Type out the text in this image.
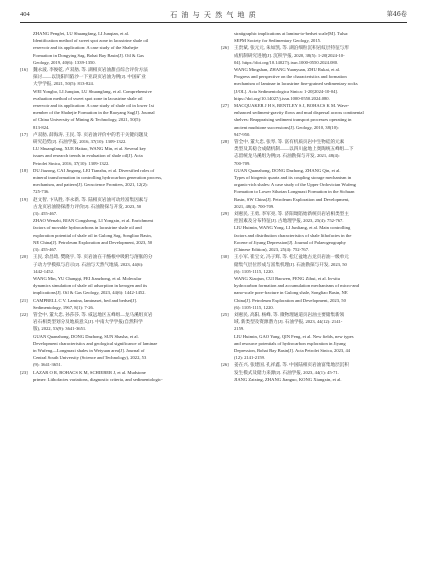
404	石 油 与 天 然 气 地 质	第46卷
ZHANG Pengfei, LU Shuangfang, LI Junqian, et al.
Identification method of sweet spot zone in lacustrine shale oil
reservoir and its application: A case study of the Shahejie
Formation in Dongying Sag, Bohai Bay Basin[J]. Oil & Gas
Geology, 2019, 40(6): 1339-1350.
[16] 魏永波, 李俊乾, 卢双舫, 等. 湖相页岩油甜点综合评价方法
探讨——以饶阳凹陷沙一下亚段页岩油为例[J]. 中国矿业
大学学报, 2021, 50(5): 813-824.
WEI Yongbo, LI Junqian, LU Shuangfang, et al. Comprehensive
evaluation method of sweet spot zone in lacustrine shale oil
reservoir and its application: A case study of shale oil in lower 1st
member of the Shahejie Formation in the Raoyang Sag[J]. Journal
of China University of Mining & Technology, 2021, 50(5):
813-824.
[17] 卢双舫, 薛海涛, 王民, 等. 页岩油评价中的若干关键问题及
研究趋势[J]. 石油学报, 2016, 37(10): 1309-1322.
LU Shuangfang, XUE Haitao, WANG Min, et al. Several key
issues and research trends in evaluation of shale oil[J]. Acta
Petrolei Sinica, 2016, 37(10): 1309-1322.
[18] DU Jiazong, CAI Jingong, LEI Tianzhu, et al. Diversified roles of
mineral transformation in controlling hydrocarbon generation process,
mechanism, and pattern[J]. Geoscience Frontiers, 2021, 12(2):
725-736.
[19] 赵文智, 卞从胜, 李永新, 等. 陆相页岩油可动烃富集因素与
古龙页岩油勘探潜力评价[J]. 石油勘探与开发, 2023, 50
(3): 455-467.
ZHAO Wenzhi, BIAN Congsheng, LI Yongxin, et al. Enrichment
factors of movable hydrocarbons in lacustrine shale oil and
exploration potential of shale oil in Gulong Sag, Songliao Basin,
NE China[J]. Petroleum Exploration and Development, 2023, 50
(3): 455-467.
[20] 王民, 余昌琦, 樊晓宇, 等. 页岩油在干酪根中吸附与溶胀的分
子动力学模拟与启示[J]. 石油与天然气地质, 2023, 44(6):
1442-1452.
WANG Min, YU Changqi, FEI Jianzhong, et al. Molecular
dynamics simulation of shale oil adsorption in kerogen and its
implications[J]. Oil & Gas Geology, 2023, 44(6): 1442-1452.
[21] CAMPBELL C V. Lamina, laminaset, bed and bedset[J].
Sedimentology, 1967, 8(1): 7-26.
[22] 管全中, 董大忠, 孙莎莎, 等. 威远地区五峰组—龙马溪组页岩
岩石相类型划分及地质意义[J]. 中南大学学报(自然科学
版), 2022, 53(9): 3641-3651.
GUAN Quanzhong, DONG Dazhong, SUN Shasha, et al.
Development characteristics and geological significance of laminae
in Wufeng—Longmaxi shales in Weiyuan area[J]. Journal of
Central South University (Science and Technology), 2022, 53
(9): 3641-3651.
[23] LAZAR O R, BOHACS K M, SCHIEBER J, et al. Mudstone
primer: Lithofacies variations, diagnostic criteria, and sedimentologic-
stratigraphic implications at lamina-to-bedset scale[M]. Tulsa:
SEPM Society for Sedimentary Geology, 2015.
[26] 王贵斌, 张元元, 朱如凯, 等. 湖泊细粒沉积岩纹层特征与形
成机制研究进展[J]. 沉积学报, 2020, 38(5): 1-20[2024-10-
04]. https://doi.org/10.14027/j.issn.1000-0550.2024.080.
WANG Mingshan, ZHANG Yuanyuan, ZHU Rukai, et al.
Progress and perspective on the characteristics and formation
mechanism of laminae in lacustrine fine-grained sedimentary rocks
[J/OL]. Acta Sedimentologica Sinica: 1-20[2024-10-04].
https://doi.org/10.14027/j.issn.1000-0550.2024.080.
[27] MACQUAKER J H S, BENTLEY S J, BOHACS K M. Wave-
enhanced sediment-gravity flows and mud dispersal across continental
shelves: Reappraising sediment transport processes operating in
ancient mudstone successions[J]. Geology, 2010, 38(10):
947-950.
[28] 管全中, 董大忠, 张琴, 等. 富有机质页岩中生物硅的元素
类型及其稳合成储机制——以四川盆地上奥陶统五峰组—下
志留统龙马溪组为例[J]. 石油勘探与开发, 2021, 48(4):
700-709.
GUAN Quanzhong, DONG Dazhong, ZHANG Qin, et al.
Types of biogenic quartz and its coupling storage mechanism in
organic-rich shales: A case study of the Upper Ordovician Wufeng
Formation to Lower Silurian Longmaxi Formation in the Sichuan
Basin, SW China[J]. Petroleum Exploration and Development,
2021, 48(4): 700-709.
[29] 刘惠民, 王勇, 李军亮, 等. 济阳坳陷始新统页岩岩相类型主
控因素及分布特征[J]. 古地理学报, 2023, 25(4): 752-767.
LIU Huimin, WANG Yong, LI Junliang, et al. Main controlling
factors and distribution characteristics of shale lithofacies in the
Eocene of Jiyang Depression[J]. Journal of Palaeogeography
(Chinese Edition), 2023, 25(4): 752-767.
[30] 王小军, 崔宝文, 冯子辉, 等. 松辽盆地古龙页岩油一级单元
储集气层位形成与富集机理[J]. 石油勘探与开发, 2023, 50
(6): 1105-1115, 1220.
WANG Xiaojun, CUI Baowen, FENG Zihui, et al. In-situ
hydrocarbon formation and accumulation mechanisms of micro-and
nano-scale pore-fracture in Gulong shale, Songliao Basin, NE
China[J]. Petroleum Exploration and Development, 2023, 50
(6): 1105-1115, 1220.
[25] 刘惠民, 高阳, 杨峰, 等. 微物理通道页岩油主要储集新领
域, 新类型及资源潜力[J]. 石油学报, 2023, 44(12): 2141-
2159.
LIU Huimin, GAO Yang, QIN Feng, et al. New fields, new types
and resource potentials of hydrocarbon exploration in Jiyang
Depression, Bohai Bay Basin[J]. Acta Petrolei Sinica, 2023, 44
(12): 2141-2159.
[26] 姜在兴, 张建国, 孔祥鑫, 等. 中国陆相页岩油富集地层沉积
发生模式及储力来源[J]. 石油学报, 2023, 44(1): 45-71.
JIANG Zaixing, ZHANG Jianguo, KONG Xiangxin, et al.
